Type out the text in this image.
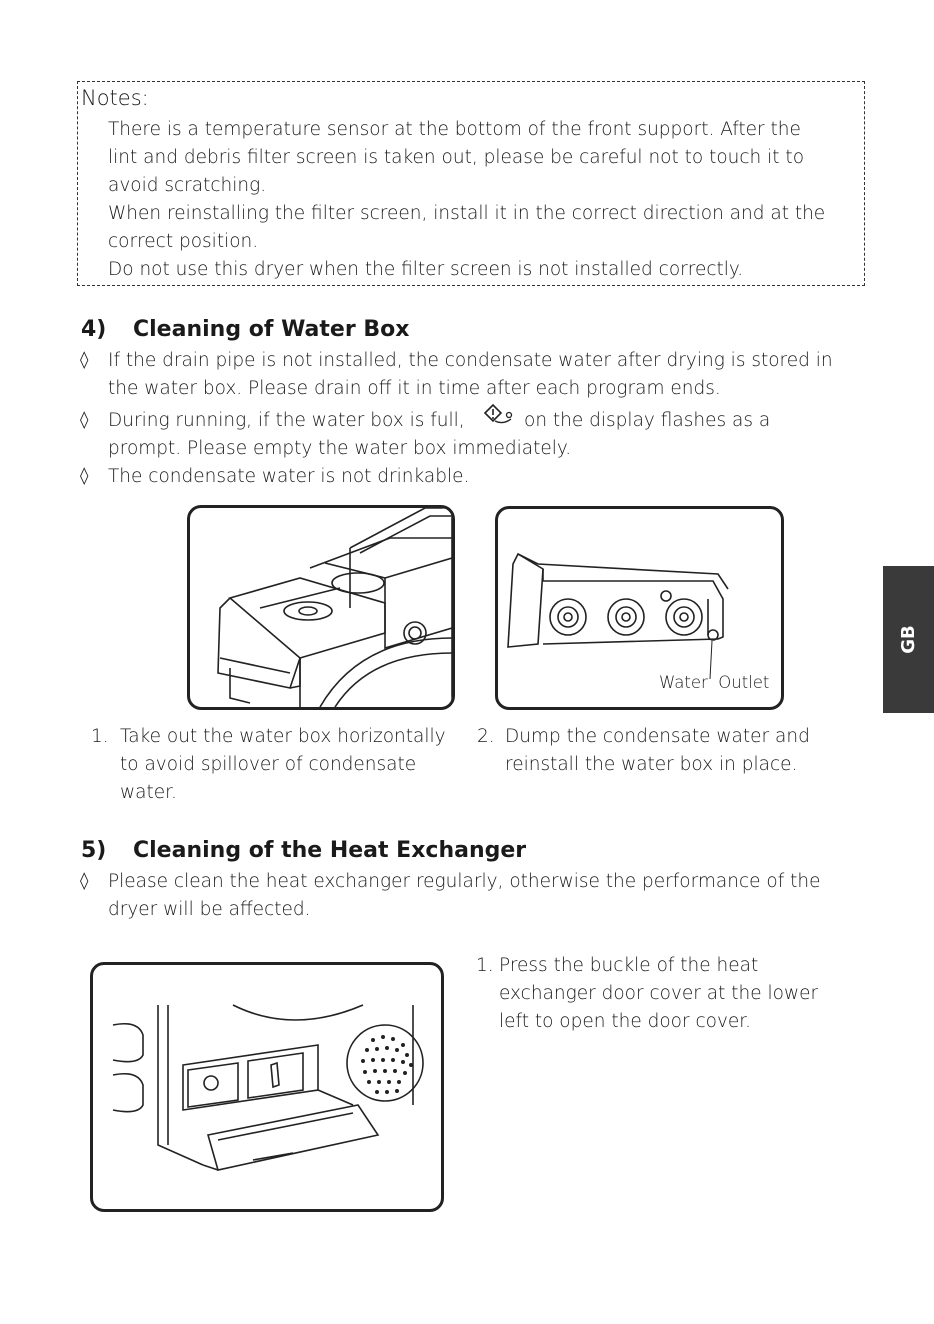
Notes:
There is a temperature sensor at the bottom of the front support. After the
lint and debris filter screen is taken out, please be careful not to touch it to
avoid scratching.
When reinstalling the filter screen, install it in the correct direction and at the
correct position.
Do not use this dryer when the filter screen is not installed correctly.
4) Cleaning of Water Box
◊ If the drain pipe is not installed, the condensate water after drying is stored in
the water box. Please drain off it in time after each program ends.
◊ During running, if the water box is full,	on the display flashes as a
prompt. Please empty the water box immediately.
◊ The condensate water is not drinkable.
Water  Outlet
1. Take out the water box horizontally
to avoid spillover of condensate
water.
2. Dump the condensate water and
reinstall the water box in place.
5) Cleaning of the Heat Exchanger
◊ Please clean the heat exchanger regularly, otherwise the performance of the
dryer will be affected.
1. Press the buckle of the heat
exchanger door cover at the lower
left to open the door cover.
GB
